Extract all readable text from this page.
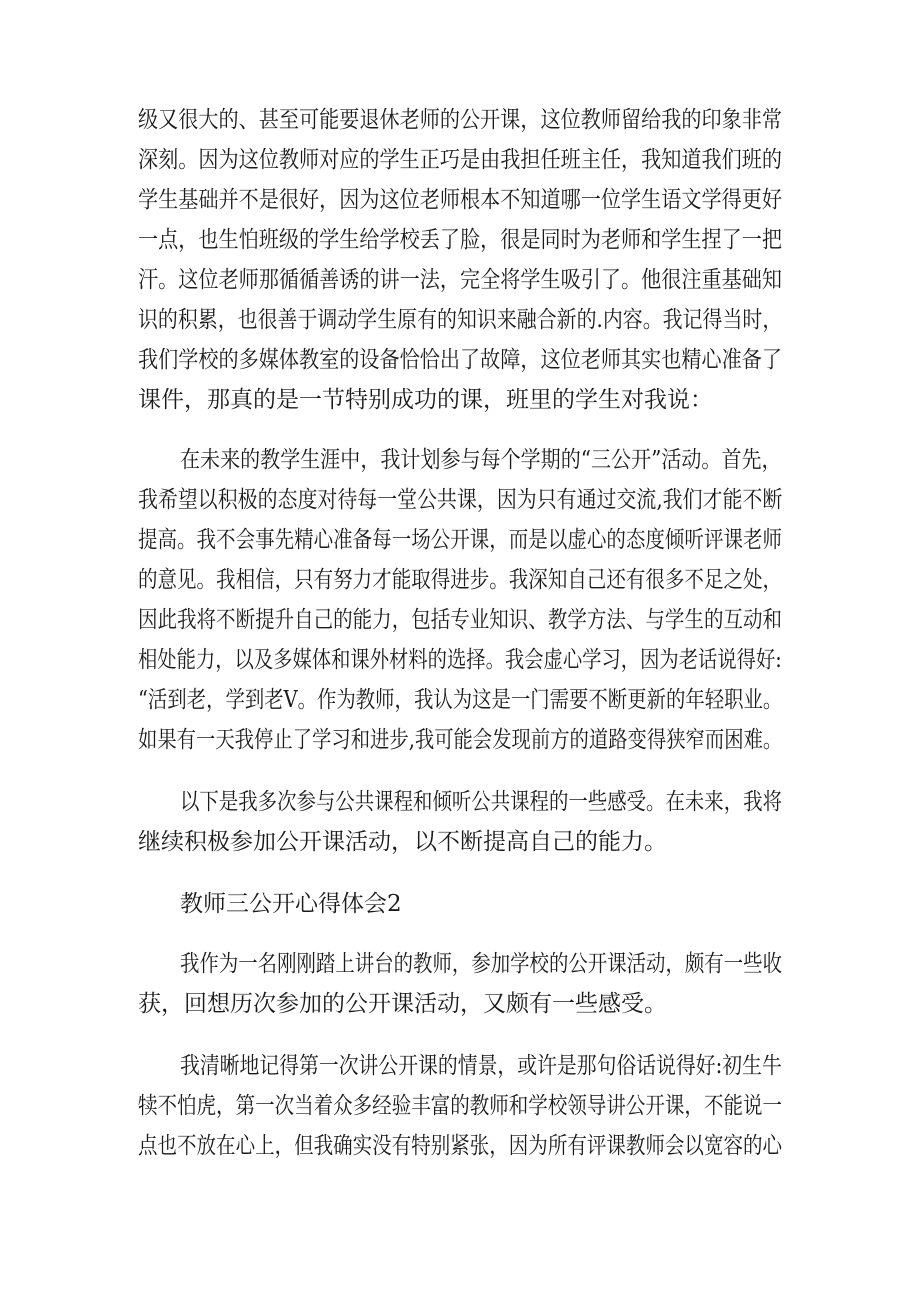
级又很大的、甚至可能要退休老师的公开课，这位教师留给我的印象非常
深刻。因为这位教师对应的学生正巧是由我担任班主任，我知道我们班的
学生基础并不是很好，因为这位老师根本不知道哪一位学生语文学得更好
一点，也生怕班级的学生给学校丢了脸，很是同时为老师和学生捏了一把
汗。这位老师那循循善诱的讲一法，完全将学生吸引了。他很注重基础知
识的积累，也很善于调动学生原有的知识来融合新的.内容。我记得当时，
我们学校的多媒体教室的设备恰恰出了故障，这位老师其实也精心准备了
课件，那真的是一节特别成功的课，班里的学生对我说：
在未来的教学生涯中，我计划参与每个学期的“三公开”活动。首先，
我希望以积极的态度对待每一堂公共课，因为只有通过交流,我们才能不断
提高。我不会事先精心准备每一场公开课，而是以虚心的态度倾听评课老师
的意见。我相信，只有努力才能取得进步。我深知自己还有很多不足之处，
因此我将不断提升自己的能力，包括专业知识、教学方法、与学生的互动和
相处能力，以及多媒体和课外材料的选择。我会虚心学习，因为老话说得好:
“活到老，学到老V。作为教师，我认为这是一门需要不断更新的年轻职业。
如果有一天我停止了学习和进步,我可能会发现前方的道路变得狭窄而困难。
以下是我多次参与公共课程和倾听公共课程的一些感受。在未来，我将
继续积极参加公开课活动，以不断提高自己的能力。
教师三公开心得体会2
我作为一名刚刚踏上讲台的教师，参加学校的公开课活动，颇有一些收
获，回想历次参加的公开课活动，又颇有一些感受。
我清晰地记得第一次讲公开课的情景，或许是那句俗话说得好:初生牛
犊不怕虎，第一次当着众多经验丰富的教师和学校领导讲公开课，不能说一
点也不放在心上，但我确实没有特别紧张，因为所有评课教师会以宽容的心
